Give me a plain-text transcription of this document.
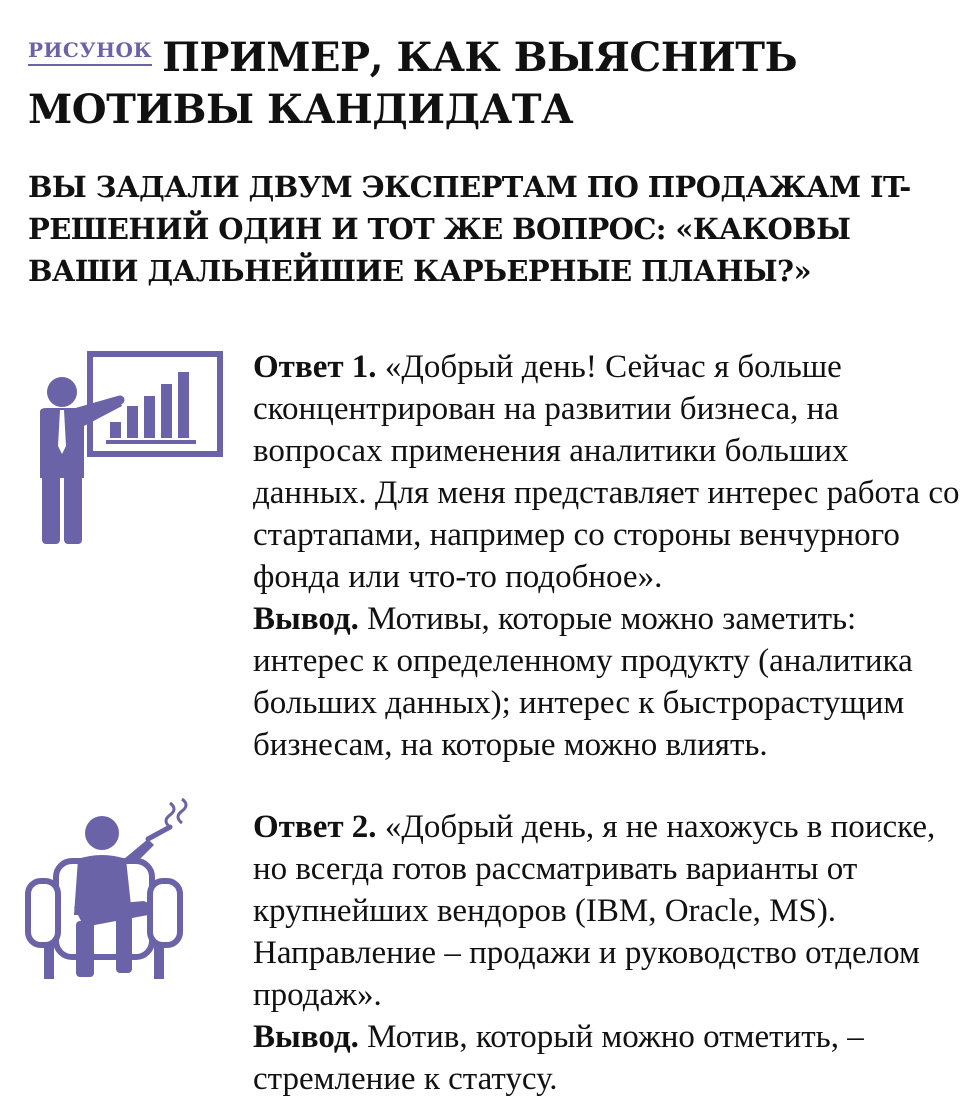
$^{РИСУНОК}$ ПРИМЕР, КАК ВЫЯСНИТЬ
МОТИВЫ КАНДИДАТА
ВЫ ЗАДАЛИ ДВУМ ЭКСПЕРТАМ ПО ПРОДАЖАМ IT-РЕШЕНИЙ ОДИН И ТОТ ЖЕ ВОПРОС: «КАКОВЫ ВАШИ ДАЛЬНЕЙШИЕ КАРЬЕРНЫЕ ПЛАНЫ?»

Ответ 1. «Добрый день! Сейчас я больше сконцентрирован на развитии бизнеса, на вопросах применения аналитики больших данных. Для меня представляет интерес работа со стартапами, например со стороны венчурного фонда или что-то подобное».

Вывод. Мотивы, которые можно заметить: интерес к определенному продукту (аналитика больших данных); интерес к быстрорастущим бизнесам, на которые можно влиять.

Ответ 2. «Добрый день, я не нахожусь в поиске, но всегда готов рассматривать варианты от крупнейших вендоров (IBM, Oracle, MS). Направление – продажи и руководство отделом продаж».

Вывод. Мотив, который можно отметить, – стремление к статусу.
